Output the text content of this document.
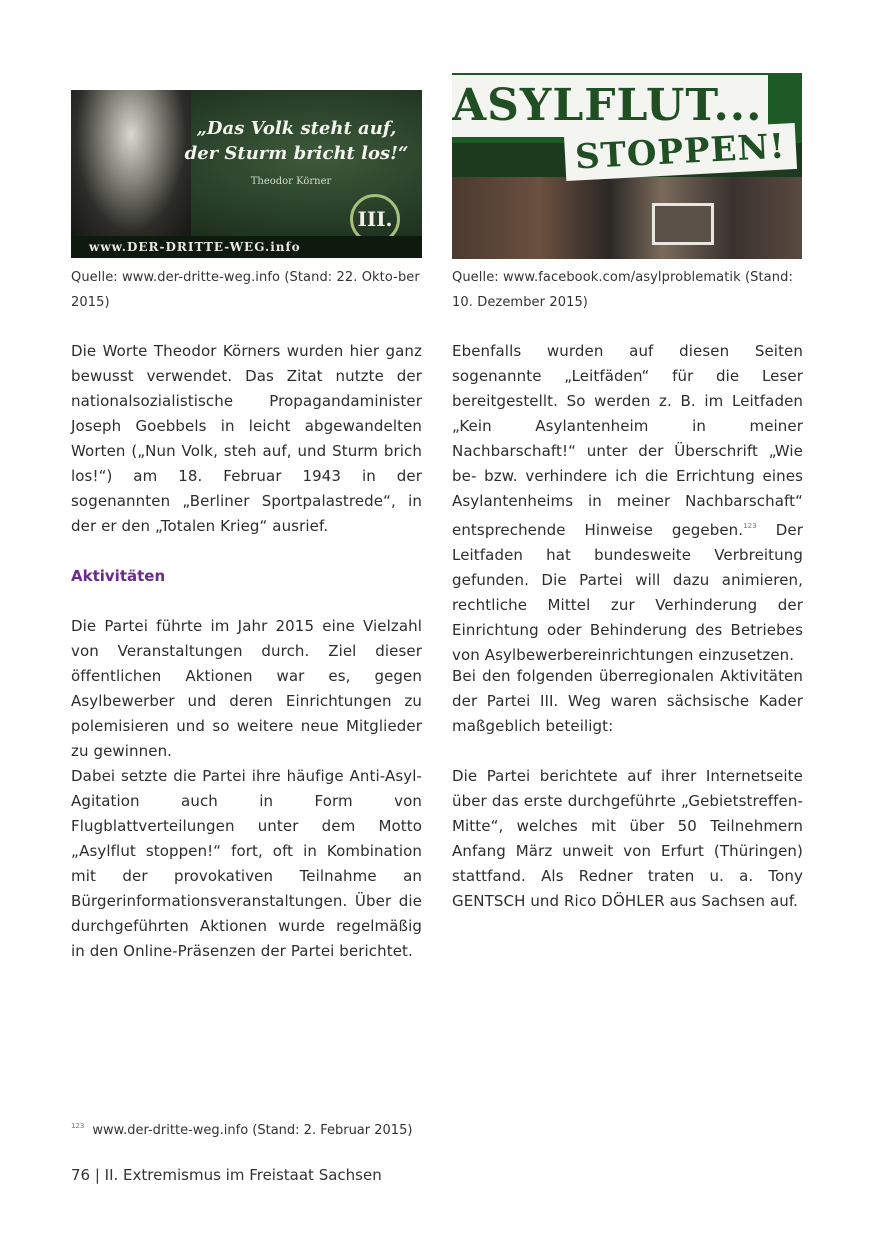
„Das Volk steht auf, der Sturm bricht los!“
Theodor Körner
III.
www.DER-DRITTE-WEG.info
Quelle: www.der-dritte-weg.info (Stand: 22. Okto-ber 2015)
ASYLFLUT...
STOPPEN!
Quelle: www.facebook.com/asylproblematik (Stand: 10. Dezember 2015)
Die Worte Theodor Körners wurden hier ganz bewusst verwendet. Das Zitat nutzte der nationalsozialistische Propagandaminister Joseph Goebbels in leicht abgewandelten Worten („Nun Volk, steh auf, und Sturm brich los!“) am 18. Februar 1943 in der sogenannten „Berliner Sportpalastrede“, in der er den „Totalen Krieg“ ausrief.
Aktivitäten
Die Partei führte im Jahr 2015 eine Vielzahl von Veranstaltungen durch. Ziel dieser öffentlichen Aktionen war es, gegen Asylbewerber und deren Einrichtungen zu polemisieren und so weitere neue Mitglieder zu gewinnen.
Dabei setzte die Partei ihre häufige Anti-Asyl-Agitation auch in Form von Flugblattverteilungen unter dem Motto „Asylflut stoppen!“ fort, oft in Kombination mit der provokativen Teilnahme an Bürgerinformationsveranstaltungen. Über die durchgeführten Aktionen wurde regelmäßig in den Online-Präsenzen der Partei berichtet.
Ebenfalls wurden auf diesen Seiten sogenannte „Leitfäden“ für die Leser bereitgestellt. So werden z. B. im Leitfaden „Kein Asylantenheim in meiner Nachbarschaft!“ unter der Überschrift „Wie be- bzw. verhindere ich die Errichtung eines Asylantenheims in meiner Nachbarschaft“ entsprechende Hinweise gegeben.$^{123}$ Der Leitfaden hat bundesweite Verbreitung gefunden. Die Partei will dazu animieren, rechtliche Mittel zur Verhinderung der Einrichtung oder Behinderung des Betriebes von Asylbewerbereinrichtungen einzusetzen.
Bei den folgenden überregionalen Aktivitäten der Partei III. Weg waren sächsische Kader maßgeblich beteiligt:
Die Partei berichtete auf ihrer Internetseite über das erste durchgeführte „Gebietstreffen-Mitte“, welches mit über 50 Teilnehmern Anfang März unweit von Erfurt (Thüringen) stattfand. Als Redner traten u. a. Tony GENTSCH und Rico DÖHLER aus Sachsen auf.
$^{123}$ www.der-dritte-weg.info (Stand: 2. Februar 2015)
76 | II. Extremismus im Freistaat Sachsen
